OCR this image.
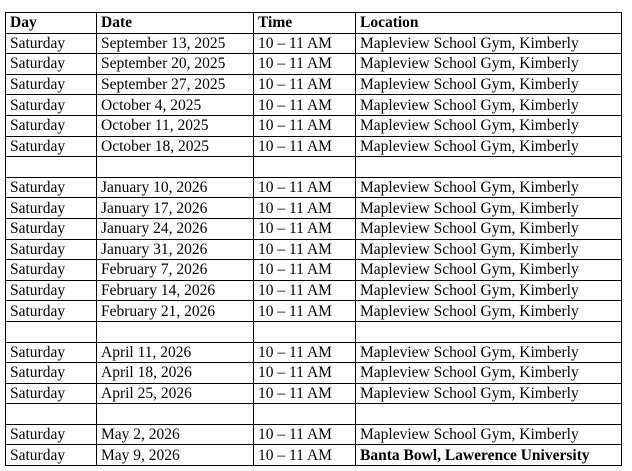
Day	Date	Time	Location
Saturday	September 13, 2025	10 – 11 AM	Mapleview School Gym, Kimberly
Saturday	September 20, 2025	10 – 11 AM	Mapleview School Gym, Kimberly
Saturday	September 27, 2025	10 – 11 AM	Mapleview School Gym, Kimberly
Saturday	October 4, 2025	10 – 11 AM	Mapleview School Gym, Kimberly
Saturday	October 11, 2025	10 – 11 AM	Mapleview School Gym, Kimberly
Saturday	October 18, 2025	10 – 11 AM	Mapleview School Gym, Kimberly

Saturday	January 10, 2026	10 – 11 AM	Mapleview School Gym, Kimberly
Saturday	January 17, 2026	10 – 11 AM	Mapleview School Gym, Kimberly
Saturday	January 24, 2026	10 – 11 AM	Mapleview School Gym, Kimberly
Saturday	January 31, 2026	10 – 11 AM	Mapleview School Gym, Kimberly
Saturday	February 7, 2026	10 – 11 AM	Mapleview School Gym, Kimberly
Saturday	February 14, 2026	10 – 11 AM	Mapleview School Gym, Kimberly
Saturday	February 21, 2026	10 – 11 AM	Mapleview School Gym, Kimberly

Saturday	April 11, 2026	10 – 11 AM	Mapleview School Gym, Kimberly
Saturday	April 18, 2026	10 – 11 AM	Mapleview School Gym, Kimberly
Saturday	April 25, 2026	10 – 11 AM	Mapleview School Gym, Kimberly

Saturday	May 2, 2026	10 – 11 AM	Mapleview School Gym, Kimberly
Saturday	May 9, 2026	10 – 11 AM	Banta Bowl, Lawerence University
